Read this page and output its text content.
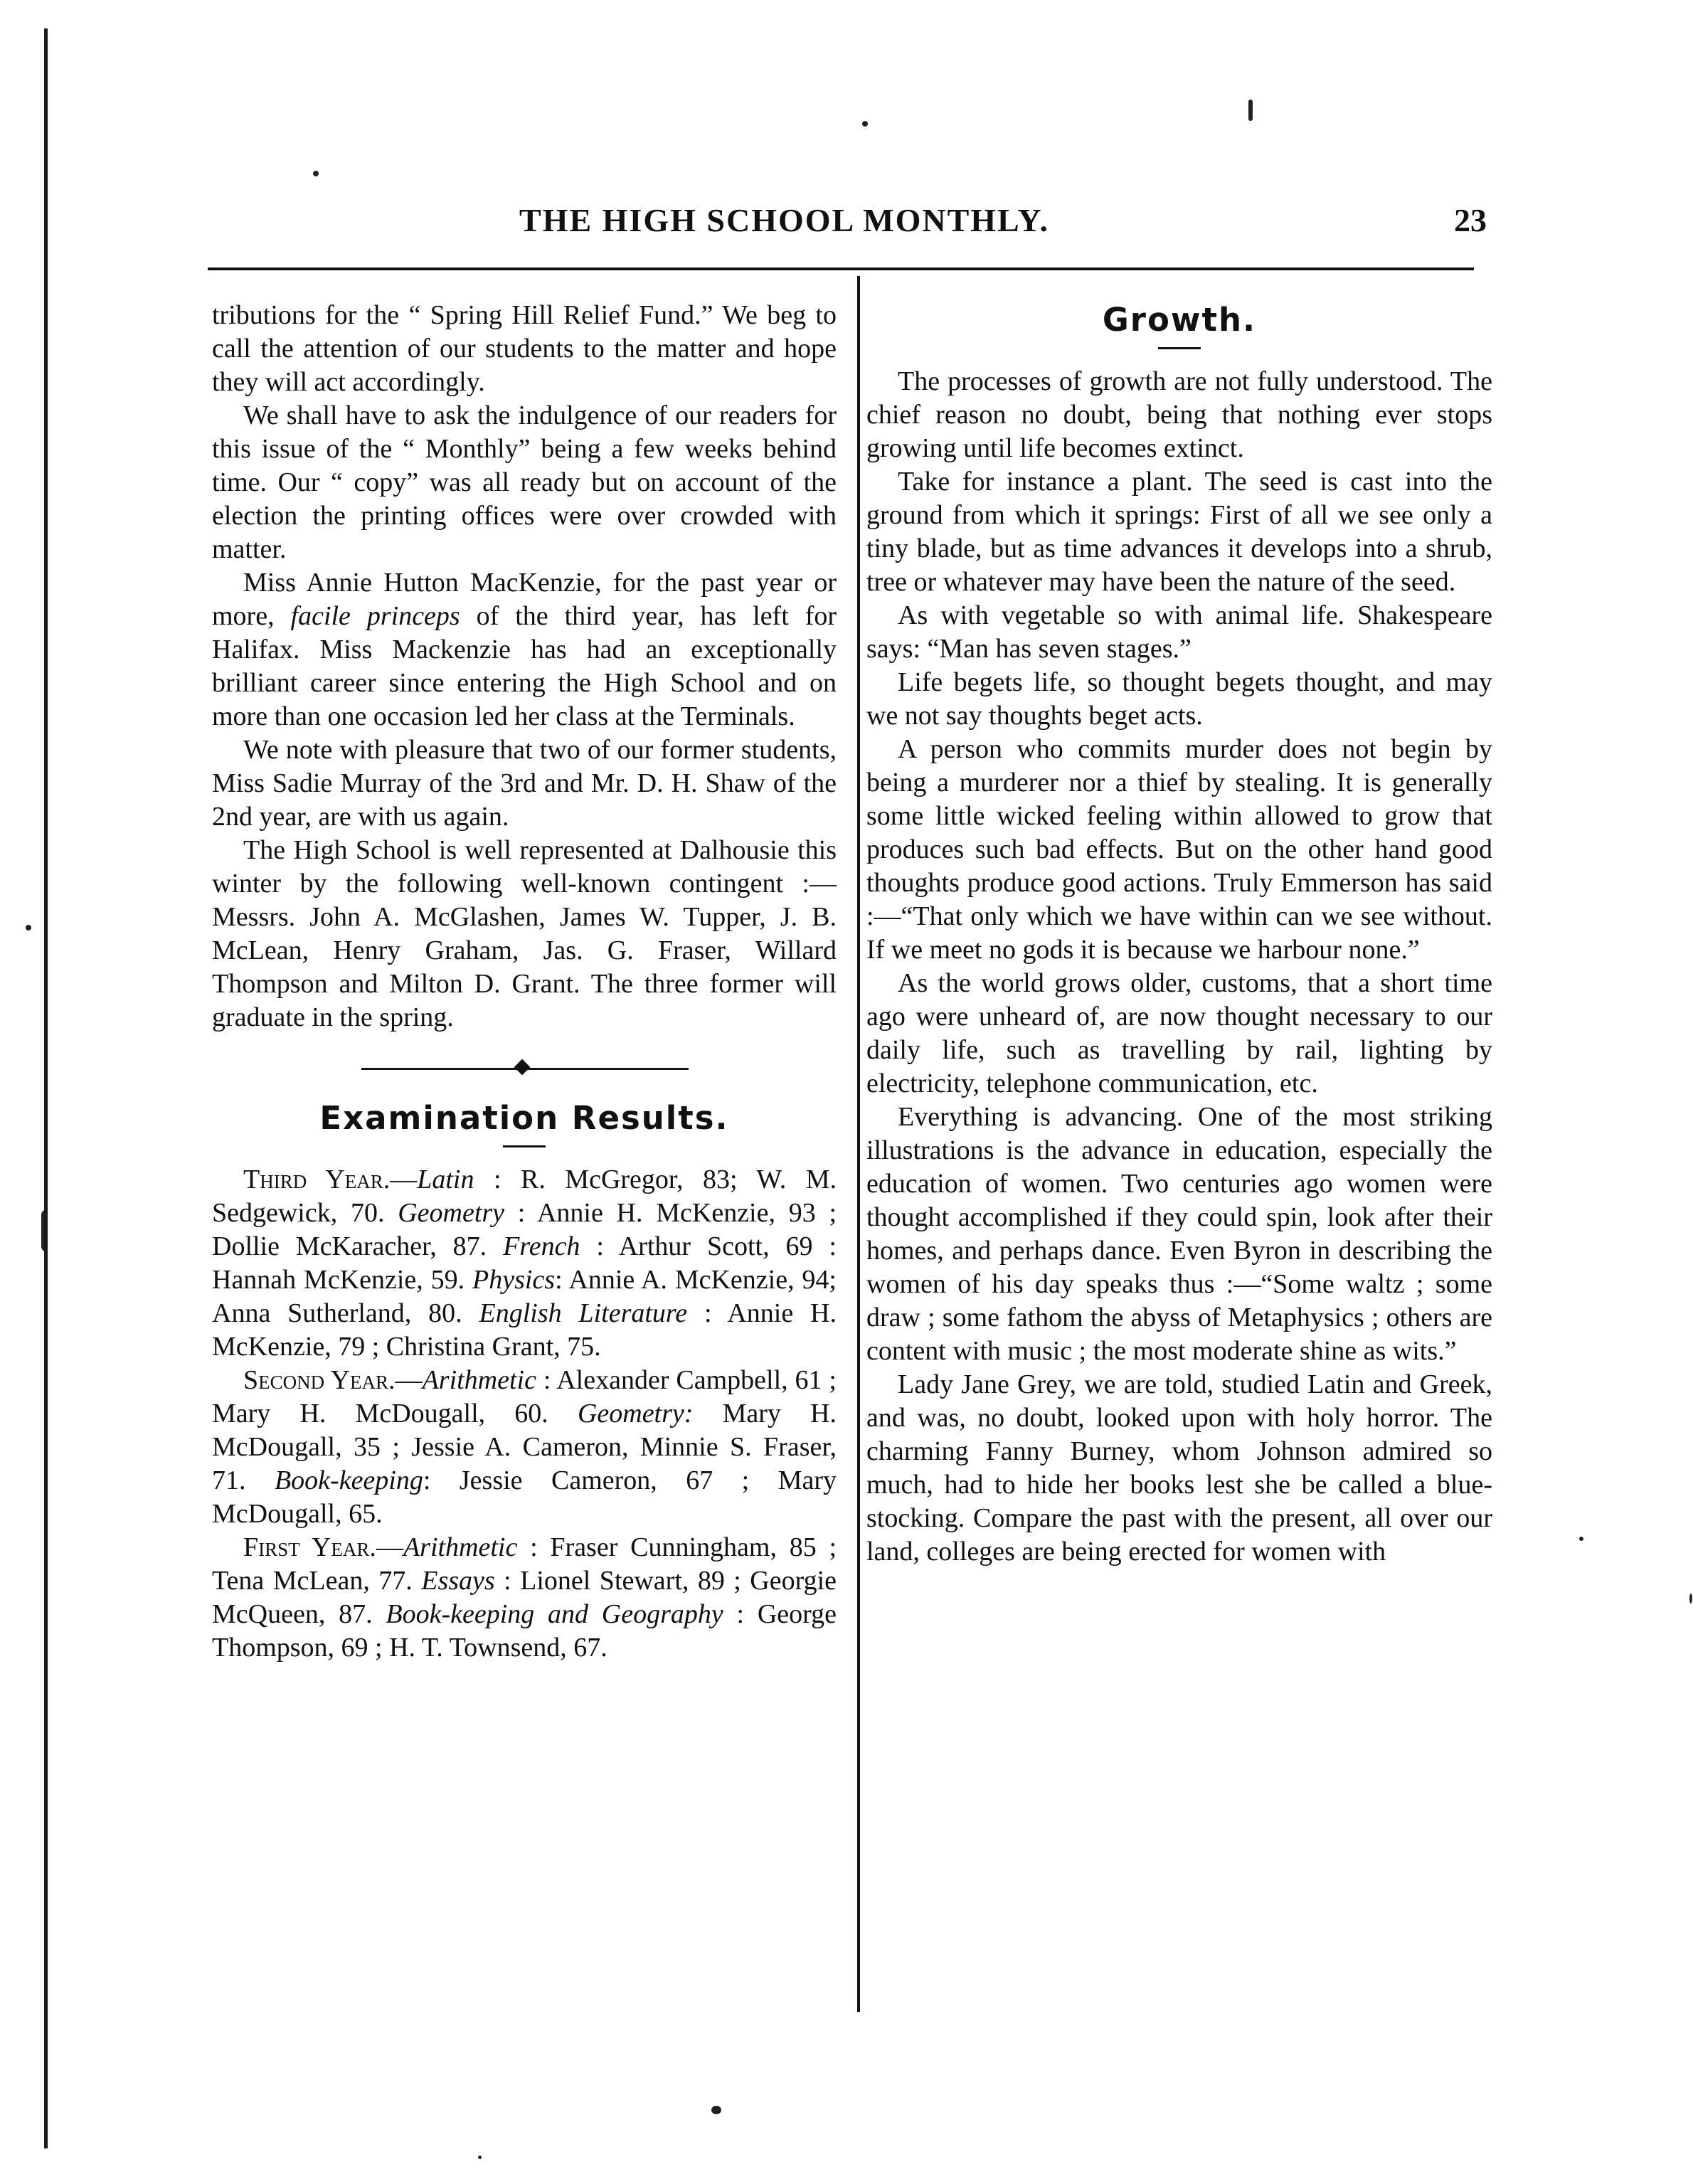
THE HIGH SCHOOL MONTHLY.	23

tributions for the “ Spring Hill Relief Fund.” We beg to call the attention of our students to the matter and hope they will act accordingly.

We shall have to ask the indulgence of our readers for this issue of the “ Monthly” being a few weeks behind time. Our “ copy” was all ready but on account of the election the printing offices were over crowded with matter.

Miss Annie Hutton MacKenzie, for the past year or more, facile princeps of the third year, has left for Halifax. Miss Mackenzie has had an exceptionally brilliant career since entering the High School and on more than one occasion led her class at the Terminals.

We note with pleasure that two of our former students, Miss Sadie Murray of the 3rd and Mr. D. H. Shaw of the 2nd year, are with us again.

The High School is well represented at Dalhousie this winter by the following well-known contingent :—Messrs. John A. McGlashen, James W. Tupper, J. B. McLean, Henry Graham, Jas. G. Fraser, Willard Thompson and Milton D. Grant. The three former will graduate in the spring.

Examination Results.

Third Year.—Latin : R. McGregor, 83; W. M. Sedgewick, 70. Geometry : Annie H. McKenzie, 93 ; Dollie McKaracher, 87. French : Arthur Scott, 69 : Hannah McKenzie, 59. Physics: Annie A. McKenzie, 94; Anna Sutherland, 80. English Literature : Annie H. McKenzie, 79 ; Christina Grant, 75.

Second Year.—Arithmetic : Alexander Campbell, 61 ; Mary H. McDougall, 60. Geometry: Mary H. McDougall, 35 ; Jessie A. Cameron, Minnie S. Fraser, 71. Book-keeping: Jessie Cameron, 67 ; Mary McDougall, 65.

First Year.—Arithmetic : Fraser Cunningham, 85 ; Tena McLean, 77. Essays : Lionel Stewart, 89 ; Georgie McQueen, 87. Book-keeping and Geography : George Thompson, 69 ; H. T. Townsend, 67.

Growth.

The processes of growth are not fully understood. The chief reason no doubt, being that nothing ever stops growing until life becomes extinct.

Take for instance a plant. The seed is cast into the ground from which it springs: First of all we see only a tiny blade, but as time advances it develops into a shrub, tree or whatever may have been the nature of the seed.

As with vegetable so with animal life. Shakespeare says: “Man has seven stages.”

Life begets life, so thought begets thought, and may we not say thoughts beget acts.

A person who commits murder does not begin by being a murderer nor a thief by stealing. It is generally some little wicked feeling within allowed to grow that produces such bad effects. But on the other hand good thoughts produce good actions. Truly Emmerson has said :—“That only which we have within can we see without. If we meet no gods it is because we harbour none.”

As the world grows older, customs, that a short time ago were unheard of, are now thought necessary to our daily life, such as travelling by rail, lighting by electricity, telephone communication, etc.

Everything is advancing. One of the most striking illustrations is the advance in education, especially the education of women. Two centuries ago women were thought accomplished if they could spin, look after their homes, and perhaps dance. Even Byron in describing the women of his day speaks thus :—“Some waltz ; some draw ; some fathom the abyss of Metaphysics ; others are content with music ; the most moderate shine as wits.”

Lady Jane Grey, we are told, studied Latin and Greek, and was, no doubt, looked upon with holy horror. The charming Fanny Burney, whom Johnson admired so much, had to hide her books lest she be called a blue-stocking. Compare the past with the present, all over our land, colleges are being erected for women with
